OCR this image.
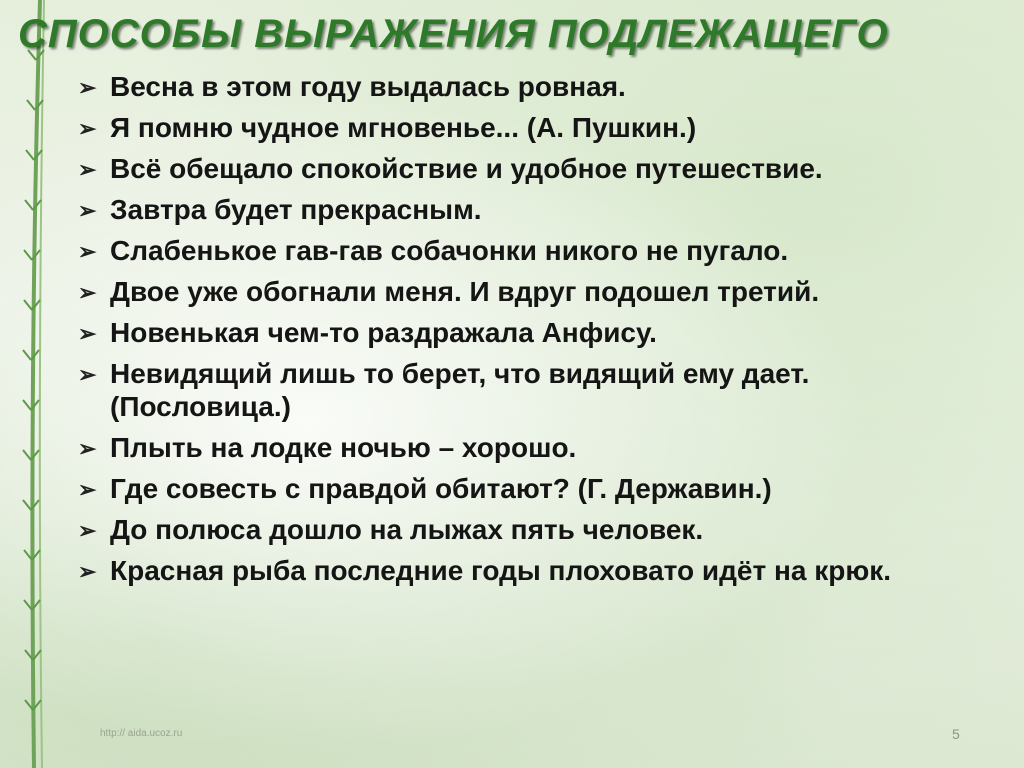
СПОСОБЫ ВЫРАЖЕНИЯ ПОДЛЕЖАЩЕГО
➢ Весна в этом году выдалась ровная.
➢ Я помню чудное мгновенье... (А. Пушкин.)
➢ Всё обещало спокойствие и удобное путешествие.
➢ Завтра будет прекрасным.
➢ Слабенькое гав-гав собачонки никого не пугало.
➢ Двое уже обогнали меня. И вдруг подошел третий.
➢ Новенькая чем-то раздражала Анфису.
➢ Невидящий лишь то берет, что видящий ему дает. (Пословица.)
➢ Плыть на лодке ночью – хорошо.
➢ Где совесть с правдой обитают? (Г. Державин.)
➢ До полюса дошло на лыжах пять человек.
➢ Красная рыба последние годы плоховато идёт на крюк.
http:// aida.ucoz.ru	5
